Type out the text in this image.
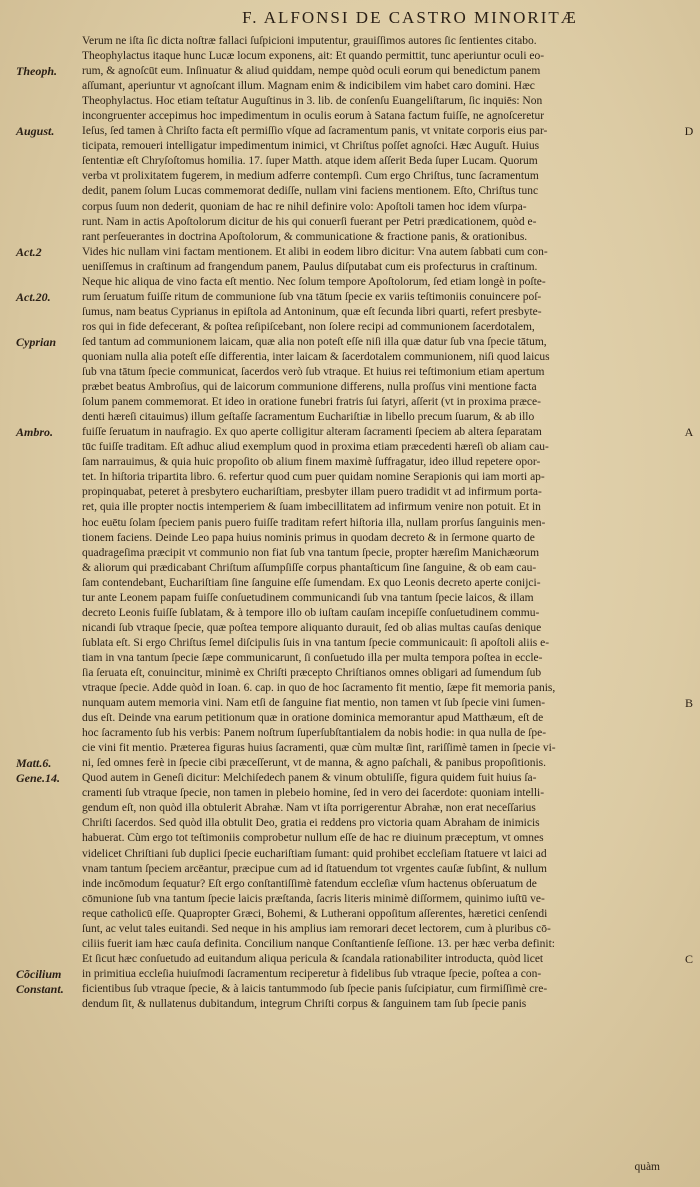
F. ALFONSI DE CASTRO MINORITÆ
Theoph.
August.
Act.2
Act.20.
Cyprian
Ambro.
Matt.6.
Gene.14.
Cõcilium
Constant.
D
A
B
C
Verum ne iſta ſic dicta noſtræ fallaci ſuſpicioni imputentur, grauiſſimos autores ſic ſentientes citabo.
Theophylactus itaque hunc Lucæ locum exponens, ait: Et quando permittit, tunc aperiuntur oculi eo-
rum, & agnoſcūt eum. Inſinuatur & aliud quiddam, nempe quòd oculi eorum qui benedictum panem
aſſumant, aperiuntur vt agnoſcant illum. Magnam enim & indicibilem vim habet caro domini. Hæc
Theophylactus. Hoc etiam teſtatur Auguſtinus in 3. lib. de conſenſu Euangeliſtarum, ſic inquiēs: Non
incongruenter accepimus hoc impedimentum in oculis eorum à Satana factum fuiſſe, ne agnoſceretur
Ieſus, ſed tamen à Chriſto facta eſt permiſſio vſque ad ſacramentum panis, vt vnitate corporis eius par-
ticipata, remoueri intelligatur impedimentum inimici, vt Chriſtus poſſet agnoſci. Hæc Auguſt. Huius
ſententiæ eſt Chryſoſtomus homilia. 17. ſuper Matth. atque idem aſſerit Beda ſuper Lucam. Quorum
verba vt prolixitatem fugerem, in medium adferre contempſi. Cum ergo Chriſtus, tunc ſacramentum
dedit, panem ſolum Lucas commemorat dediſſe, nullam vini faciens mentionem. Eſto, Chriſtus tunc
corpus ſuum non dederit, quoniam de hac re nihil definire volo: Apoſtoli tamen hoc idem vſurpa-
runt. Nam in actis Apoſtolorum dicitur de his qui conuerſi fuerant per Petri prædicationem, quòd e-
rant perſeuerantes in doctrina Apoſtolorum, & communicatione & fractione panis, & orationibus.
Vides hic nullam vini factam mentionem. Et alibi in eodem libro dicitur: Vna autem ſabbati cum con-
ueniſſemus in craſtinum ad frangendum panem, Paulus diſputabat cum eis profecturus in craſtinum.
Neque hic aliqua de vino facta eſt mentio. Nec ſolum tempore Apoſtolorum, ſed etiam longè in poſte-
rum ſeruatum fuiſſe ritum de communione ſub vna tātum ſpecie ex variis teſtimoniis conuincere poſ-
ſumus, nam beatus Cyprianus in epiſtola ad Antoninum, quæ eſt ſecunda libri quarti, refert presbyte-
ros qui in fide defecerant, & poſtea reſipiſcebant, non ſolere recipi ad communionem ſacerdotalem,
ſed tantum ad communionem laicam, quæ alia non poteſt eſſe niſi illa quæ datur ſub vna ſpecie tātum,
quoniam nulla alia poteſt eſſe differentia, inter laicam & ſacerdotalem communionem, niſi quod laicus
ſub vna tātum ſpecie communicat, ſacerdos verò ſub vtraque. Et huius rei teſtimonium etiam apertum
præbet beatus Ambroſius, qui de laicorum communione differens, nulla proſſus vini mentione facta
ſolum panem commemorat. Et ideo in oratione funebri fratris ſui ſatyri, aſſerit (vt in proxima præce-
denti hæreſi citauimus) illum geſtaſſe ſacramentum Euchariſtiæ in libello precum ſuarum, & ab illo
fuiſſe ſeruatum in naufragio. Ex quo aperte colligitur alteram ſacramenti ſpeciem ab altera ſeparatam
tūc fuiſſe traditam. Eſt adhuc aliud exemplum quod in proxima etiam præcedenti hæreſi ob aliam cau-
ſam narrauimus, & quia huic propoſito ob alium finem maximè ſuffragatur, ideo illud repetere opor-
tet. In hiſtoria tripartita libro. 6. refertur quod cum puer quidam nomine Serapionis qui iam morti ap-
propinquabat, peteret à presbytero euchariſtiam, presbyter illam puero tradidit vt ad infirmum porta-
ret, quia ille propter noctis intemperiem & ſuam imbecillitatem ad infirmum venire non potuit. Et in
hoc euētu ſolam ſpeciem panis puero fuiſſe traditam refert hiſtoria illa, nullam prorſus ſanguinis men-
tionem faciens. Deinde Leo papa huius nominis primus in quodam decreto & in ſermone quarto de
quadrageſima præcipit vt communio non fiat ſub vna tantum ſpecie, propter hæreſim Manichæorum
& aliorum qui prædicabant Chriſtum aſſumpſiſſe corpus phantaſticum ſine ſanguine, & ob eam cau-
ſam contendebant, Euchariſtiam ſine ſanguine eſſe ſumendam. Ex quo Leonis decreto aperte conijci-
tur ante Leonem papam fuiſſe conſuetudinem communicandi ſub vna tantum ſpecie laicos, & illam
decreto Leonis fuiſſe ſublatam, & à tempore illo ob iuſtam cauſam incepiſſe conſuetudinem commu-
nicandi ſub vtraque ſpecie, quæ poſtea tempore aliquanto durauit, ſed ob alias multas cauſas denique
ſublata eſt. Si ergo Chriſtus ſemel diſcipulis ſuis in vna tantum ſpecie communicauit: ſi apoſtoli aliis e-
tiam in vna tantum ſpecie ſæpe communicarunt, ſi conſuetudo illa per multa tempora poſtea in eccle-
ſia ſeruata eſt, conuincitur, minimè ex Chriſti præcepto Chriſtianos omnes obligari ad ſumendum ſub
vtraque ſpecie. Adde quòd in Ioan. 6. cap. in quo de hoc ſacramento fit mentio, ſæpe fit memoria panis,
nunquam autem memoria vini. Nam etſi de ſanguine fiat mentio, non tamen vt ſub ſpecie vini ſumen-
dus eſt. Deinde vna earum petitionum quæ in oratione dominica memorantur apud Matthæum, eſt de
hoc ſacramento ſub his verbis: Panem noſtrum ſuperſubſtantialem da nobis hodie: in qua nulla de ſpe-
cie vini fit mentio. Præterea figuras huius ſacramenti, quæ cùm multæ ſint, rariſſimè tamen in ſpecie vi-
ni, ſed omnes ferè in ſpecie cibi præceſſerunt, vt de manna, & agno paſchali, & panibus propoſitionis.
Quod autem in Geneſi dicitur: Melchiſedech panem & vinum obtuliſſe, figura quidem fuit huius ſa-
cramenti ſub vtraque ſpecie, non tamen in plebeio homine, ſed in vero dei ſacerdote: quoniam intelli-
gendum eſt, non quòd illa obtulerit Abrahæ. Nam vt iſta porrigerentur Abrahæ, non erat neceſſarius
Chriſti ſacerdos. Sed quòd illa obtulit Deo, gratia ei reddens pro victoria quam Abraham de inimicis
habuerat. Cùm ergo tot teſtimoniis comprobetur nullum eſſe de hac re diuinum præceptum, vt omnes
videlicet Chriſtiani ſub duplici ſpecie euchariſtiam ſumant: quid prohibet eccleſiam ſtatuere vt laici ad
vnam tantum ſpeciem arcēantur, præcipue cum ad id ſtatuendum tot vrgentes cauſæ ſubſint, & nullum
inde incōmodum ſequatur? Eſt ergo conſtantiſſimè fatendum eccleſiæ vſum hactenus obſeruatum de
cōmunione ſub vna tantum ſpecie laicis præſtanda, ſacris literis minimè diſſormem, quinimo iuſtū ve-
reque catholicū eſſe. Quapropter Græci, Bohemi, & Lutherani oppoſitum aſſerentes, hæretici cenſendi
ſunt, ac velut tales euitandi. Sed neque in his amplius iam remorari decet lectorem, cum à pluribus cō-
ciliis fuerit iam hæc cauſa definita. Concilium nanque Conſtantienſe ſeſſione. 13. per hæc verba definit:
Et ſicut hæc conſuetudo ad euitandum aliqua pericula & ſcandala rationabiliter introducta, quòd licet
in primitiua eccleſia huiuſmodi ſacramentum reciperetur à fidelibus ſub vtraque ſpecie, poſtea a con-
ficientibus ſub vtraque ſpecie, & à laicis tantummodo ſub ſpecie panis ſuſcipiatur, cum firmiſſimè cre-
dendum ſit, & nullatenus dubitandum, integrum Chriſti corpus & ſanguinem tam ſub ſpecie panis
quàm
